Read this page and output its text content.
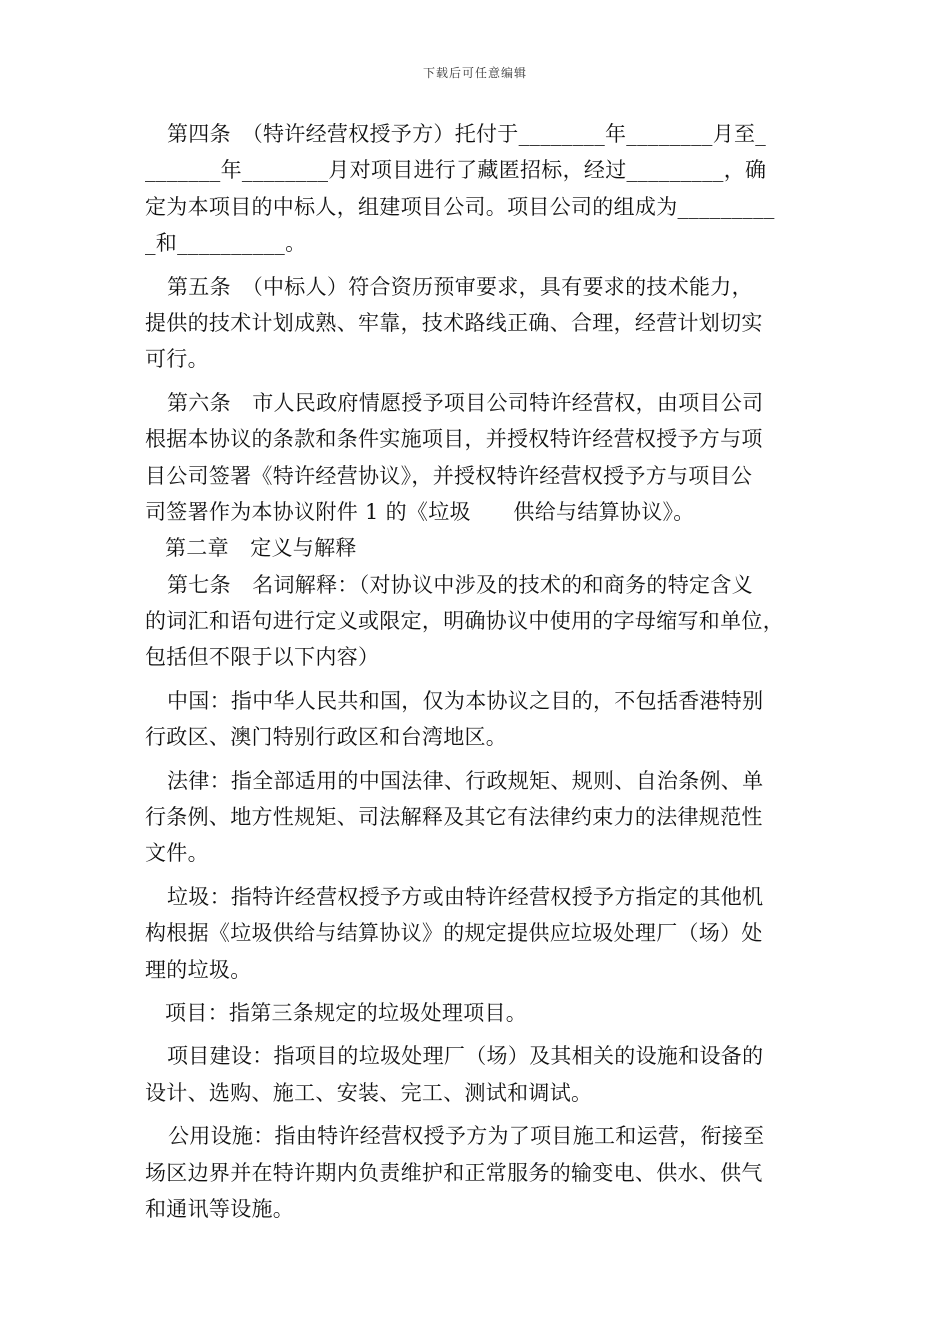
下载后可任意编辑
第四条　（特许经营权授予方）托付于________年________月至_
_______年________月对项目进行了藏匿招标，经过_________，确
定为本项目的中标人，组建项目公司。项目公司的组成为_________
_和__________。
第五条　（中标人）符合资历预审要求，具有要求的技术能力，
提供的技术计划成熟、牢靠，技术路线正确、合理，经营计划切实
可行。
第六条　市人民政府情愿授予项目公司特许经营权，由项目公司
根据本协议的条款和条件实施项目，并授权特许经营权授予方与项
目公司签署《特许经营协议》，并授权特许经营权授予方与项目公
司签署作为本协议附件 1 的《垃圾　　供给与结算协议》。
第二章　定义与解释
第七条　名词解释：（对协议中涉及的技术的和商务的特定含义
的词汇和语句进行定义或限定，明确协议中使用的字母缩写和单位，
包括但不限于以下内容）
中国：指中华人民共和国，仅为本协议之目的，不包括香港特别
行政区、澳门特别行政区和台湾地区。
法律：指全部适用的中国法律、行政规矩、规则、自治条例、单
行条例、地方性规矩、司法解释及其它有法律约束力的法律规范性
文件。
垃圾：指特许经营权授予方或由特许经营权授予方指定的其他机
构根据《垃圾供给与结算协议》的规定提供应垃圾处理厂（场）处
理的垃圾。
项目：指第三条规定的垃圾处理项目。
项目建设：指项目的垃圾处理厂（场）及其相关的设施和设备的
设计、选购、施工、安装、完工、测试和调试。
公用设施：指由特许经营权授予方为了项目施工和运营，衔接至
场区边界并在特许期内负责维护和正常服务的输变电、供水、供气
和通讯等设施。
